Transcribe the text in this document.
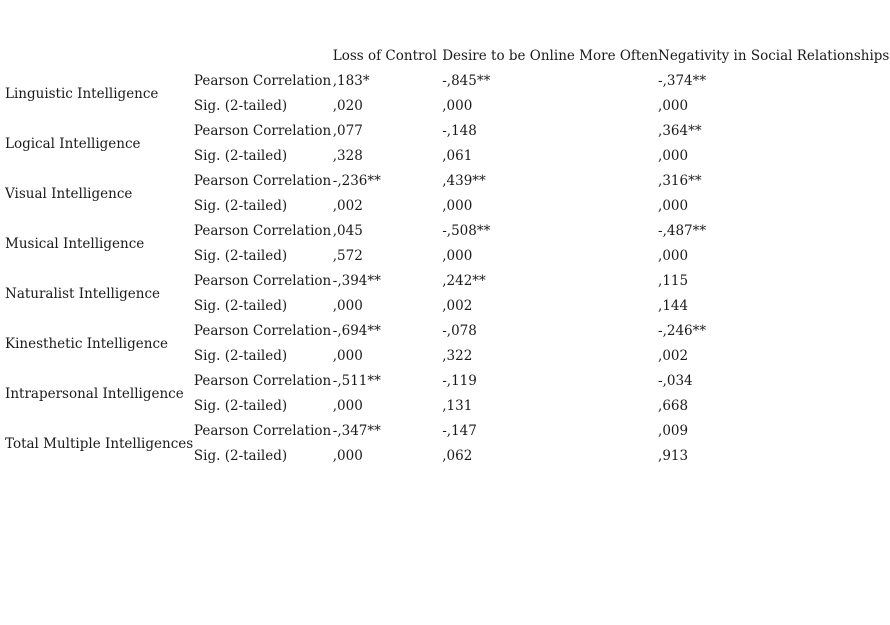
		Loss of Control	Desire to be Online More Often	Negativity in Social Relationships
Linguistic Intelligence	Pearson Correlation	,183*	-,845**	-,374**
	Sig. (2-tailed)	,020	,000	,000
Logical Intelligence	Pearson Correlation	,077	-,148	,364**
	Sig. (2-tailed)	,328	,061	,000
Visual Intelligence	Pearson Correlation	-,236**	,439**	,316**
	Sig. (2-tailed)	,002	,000	,000
Musical Intelligence	Pearson Correlation	,045	-,508**	-,487**
	Sig. (2-tailed)	,572	,000	,000
Naturalist Intelligence	Pearson Correlation	-,394**	,242**	,115
	Sig. (2-tailed)	,000	,002	,144
Kinesthetic Intelligence	Pearson Correlation	-,694**	-,078	-,246**
	Sig. (2-tailed)	,000	,322	,002
Intrapersonal Intelligence	Pearson Correlation	-,511**	-,119	-,034
	Sig. (2-tailed)	,000	,131	,668
Total Multiple Intelligences	Pearson Correlation	-,347**	-,147	,009
	Sig. (2-tailed)	,000	,062	,913
